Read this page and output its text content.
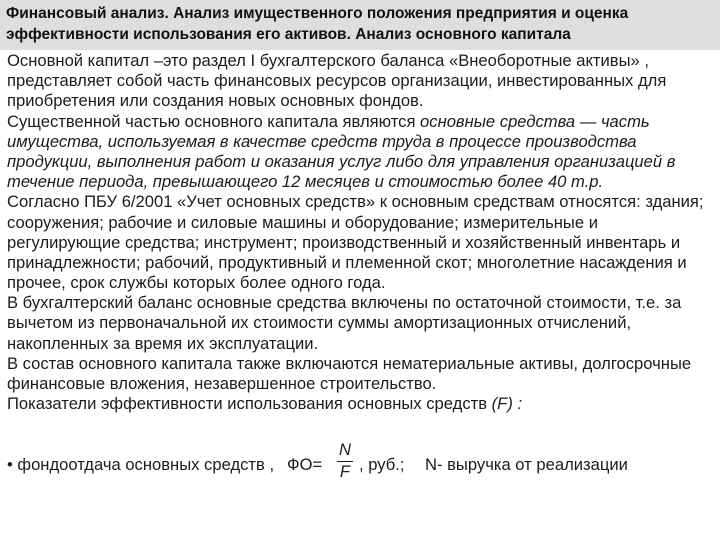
Финансовый анализ. Анализ имущественного положения предприятия и оценка
эффективности использования его активов. Анализ основного капитала
Основной капитал –это раздел I бухгалтерского баланса «Внеоборотные активы» ,
представляет собой часть финансовых ресурсов организации, инвестированных для
приобретения или создания новых основных фондов.
Существенной частью основного капитала являются основные средства — часть
имущества, используемая в качестве средств труда в процессе производства
продукции, выполнения работ и оказания услуг либо для управления организацией в
течение периода, превышающего 12 месяцев и стоимостью более 40 т.р.
Согласно ПБУ 6/2001 «Учет основных средств» к основным средствам относятся: здания;
сооружения; рабочие и силовые машины и оборудование; измерительные и
регулирующие средства; инструмент; производственный и хозяйственный инвентарь и
принадлежности; рабочий, продуктивный и племенной скот; многолетние насаждения и
прочее, срок службы которых более одного года.
В бухгалтерский баланс основные средства включены по остаточной стоимости, т.е. за
вычетом из первоначальной их стоимости суммы амортизационных отчислений,
накопленных за время их эксплуатации.
В состав основного капитала также включаются нематериальные активы, долгосрочные
финансовые вложения, незавершенное строительство.
Показатели эффективности использования основных средств (F) :
• фондоотдача основных средств , ФО=
N
F , руб.; N- выручка от реализации
